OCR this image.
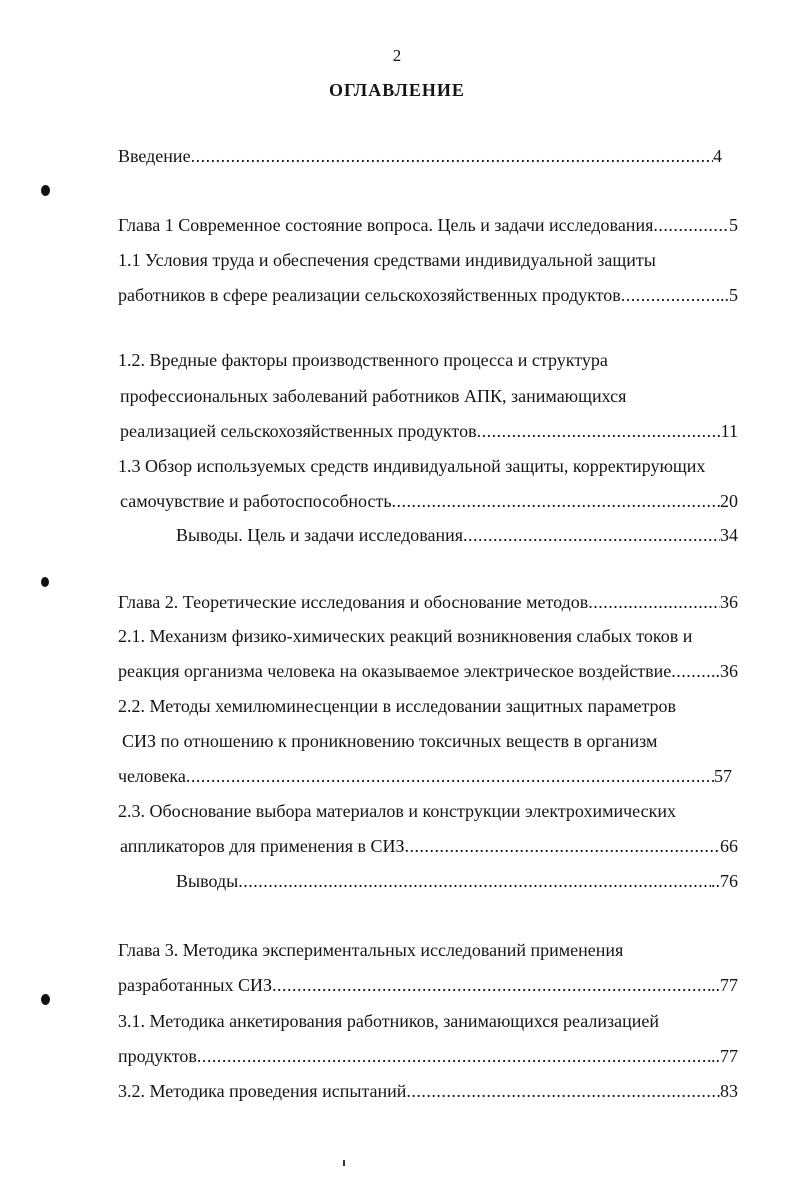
2
ОГЛАВЛЕНИЕ
Введение .....	4
Глава 1 Современное состояние вопроса. Цель и задачи исследования .....	5
1.1 Условия труда и обеспечения средствами индивидуальной защиты
работников в сфере реализации сельскохозяйственных продуктов .....	..5
1.2. Вредные факторы производственного процесса и структура
профессиональных заболеваний работников АПК, занимающихся
реализацией сельскохозяйственных продуктов .....	11
1.3 Обзор используемых средств индивидуальной защиты, корректирующих
самочувствие и работоспособность .....	20
Выводы. Цель и задачи исследования .....	34
Глава 2. Теоретические исследования и обоснование методов .....	36
2.1. Механизм физико-химических реакций возникновения слабых токов и
реакция организма человека на оказываемое электрическое воздействие ..... ..36
2.2. Методы хемилюминесценции в исследовании защитных параметров
СИЗ по отношению к проникновению токсичных веществ в организм
человека .....	57
2.3. Обоснование выбора материалов и конструкции электрохимических
аппликаторов для применения в СИЗ .....	66
Выводы .....	..76
Глава 3. Методика экспериментальных исследований применения
разработанных СИЗ .....	..77
3.1. Методика анкетирования работников, занимающихся реализацией
продуктов .....	..77
3.2. Методика проведения испытаний .....	83
